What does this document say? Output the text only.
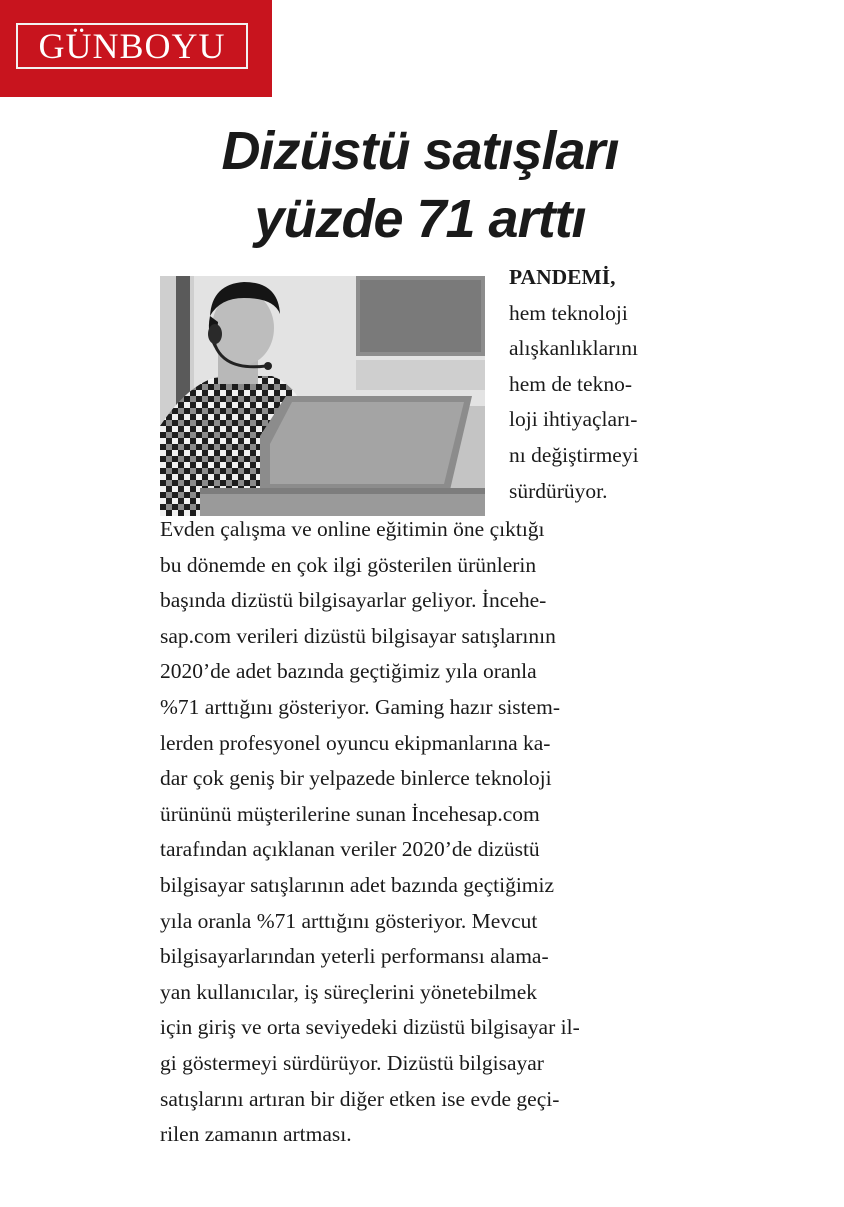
GÜNBOYU
Dizüstü satışları
yüzde 71 arttı
PANDEMİ,
hem teknoloji
alışkanlıklarını
hem de tekno-
loji ihtiyaçları-
nı değiştirmeyi
sürdürüyor.
Evden çalışma ve online eğitimin öne çıktığı
bu dönemde en çok ilgi gösterilen ürünlerin
başında dizüstü bilgisayarlar geliyor. İncehe-
sap.com verileri dizüstü bilgisayar satışlarının
2020’de adet bazında geçtiğimiz yıla oranla
%71 arttığını gösteriyor. Gaming hazır sistem-
lerden profesyonel oyuncu ekipmanlarına ka-
dar çok geniş bir yelpazede binlerce teknoloji
ürününü müşterilerine sunan İncehesap.com
tarafından açıklanan veriler 2020’de dizüstü
bilgisayar satışlarının adet bazında geçtiğimiz
yıla oranla %71 arttığını gösteriyor. Mevcut
bilgisayarlarından yeterli performansı alama-
yan kullanıcılar, iş süreçlerini yönetebilmek
için giriş ve orta seviyedeki dizüstü bilgisayar il-
gi göstermeyi sürdürüyor. Dizüstü bilgisayar
satışlarını artıran bir diğer etken ise evde geçi-
rilen zamanın artması.
